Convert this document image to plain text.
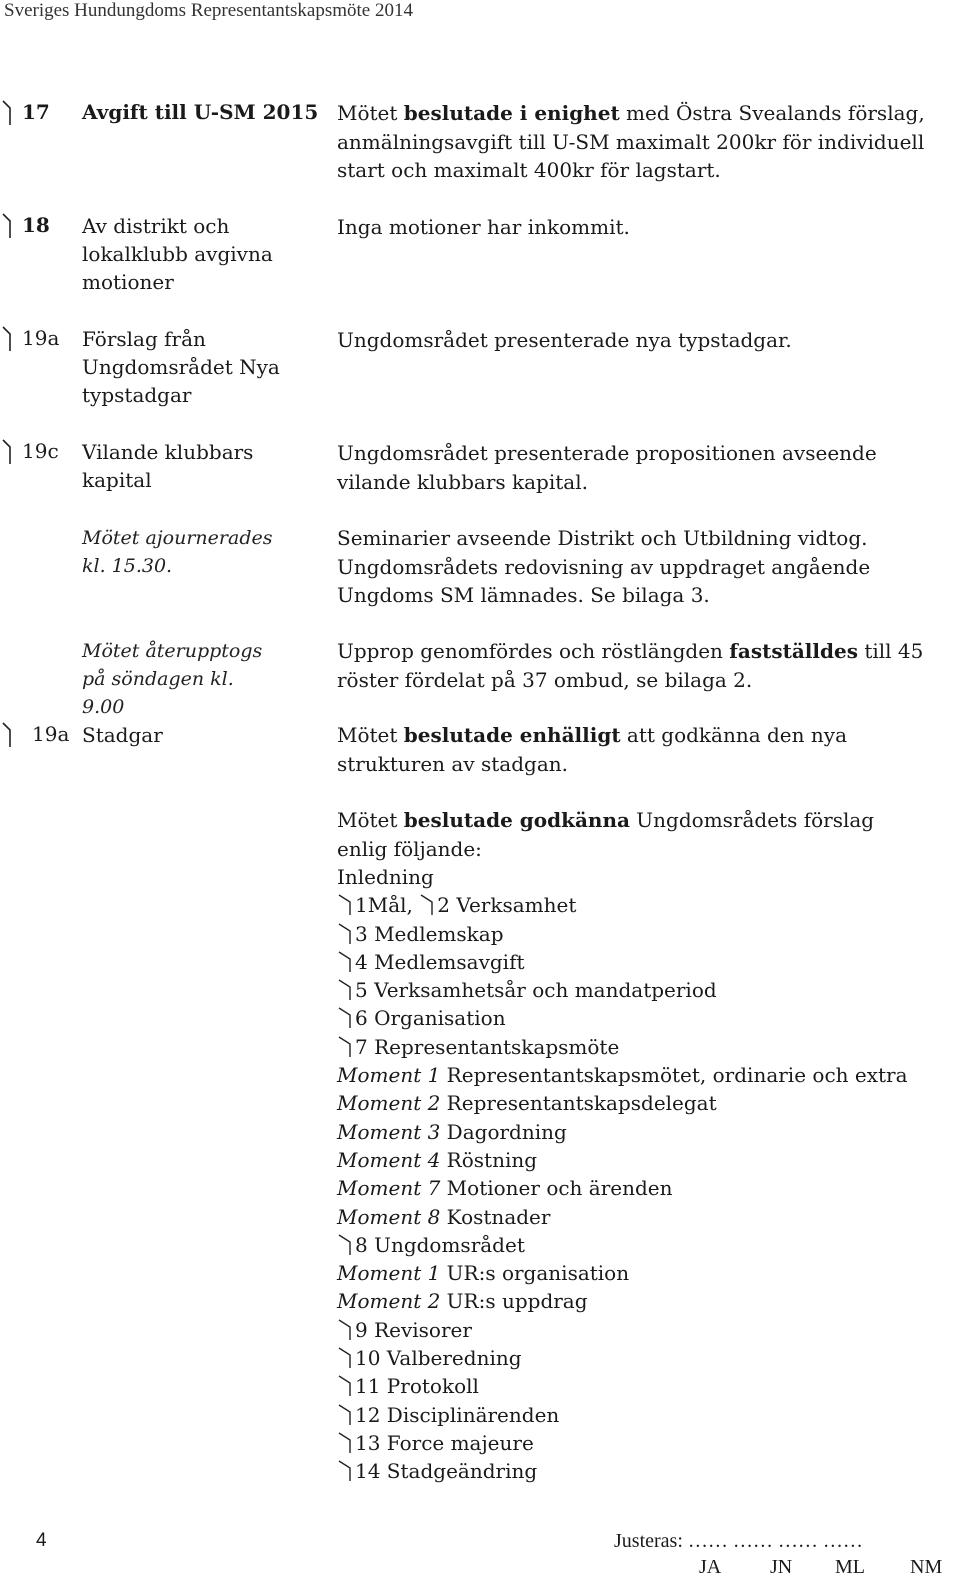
Sveriges Hundungdoms Representantskapsmöte 2014
17 Avgift till U-SM 2015 Mötet beslutade i enighet med Östra Svealands förslag, anmälningsavgift till U-SM maximalt 200kr för individuell start och maximalt 400kr för lagstart.
18 Av distrikt och lokalklubb avgivna motioner
Inga motioner har inkommit.
19a Förslag från Ungdomsrådet Nya typstadgar
Ungdomsrådet presenterade nya typstadgar.
19c Vilande klubbars kapital
Ungdomsrådet presenterade propositionen avseende vilande klubbars kapital.
Mötet ajournerades kl. 15.30.
Seminarier avseende Distrikt och Utbildning vidtog. Ungdomsrådets redovisning av uppdraget angående Ungdoms SM lämnades. Se bilaga 3.
Mötet återupptogs på söndagen kl. 9.00
Upprop genomfördes och röstlängden fastställdes till 45 röster fördelat på 37 ombud, se bilaga 2.
19a Stadgar	Mötet beslutade enhälligt att godkänna den nya strukturen av stadgan.
Mötet beslutade godkänna Ungdomsrådets förslag enlig följande:
Inledning
1Mål,
2 Verksamhet
3 Medlemskap
4 Medlemsavgift
5 Verksamhetsår och mandatperiod
6 Organisation
7 Representantskapsmöte
Moment 1 Representantskapsmötet, ordinarie och extra
Moment 2 Representantskapsdelegat
Moment 3 Dagordning
Moment 4 Röstning
Moment 7 Motioner och ärenden
Moment 8 Kostnader
8 Ungdomsrådet
Moment 1 UR:s organisation
Moment 2 UR:s uppdrag
9 Revisorer
10 Valberedning
11 Protokoll
12 Disciplinärenden
13 Force majeure
14 Stadgeändring
4	Justeras: …… …… …… ……
JA JN ML NM
